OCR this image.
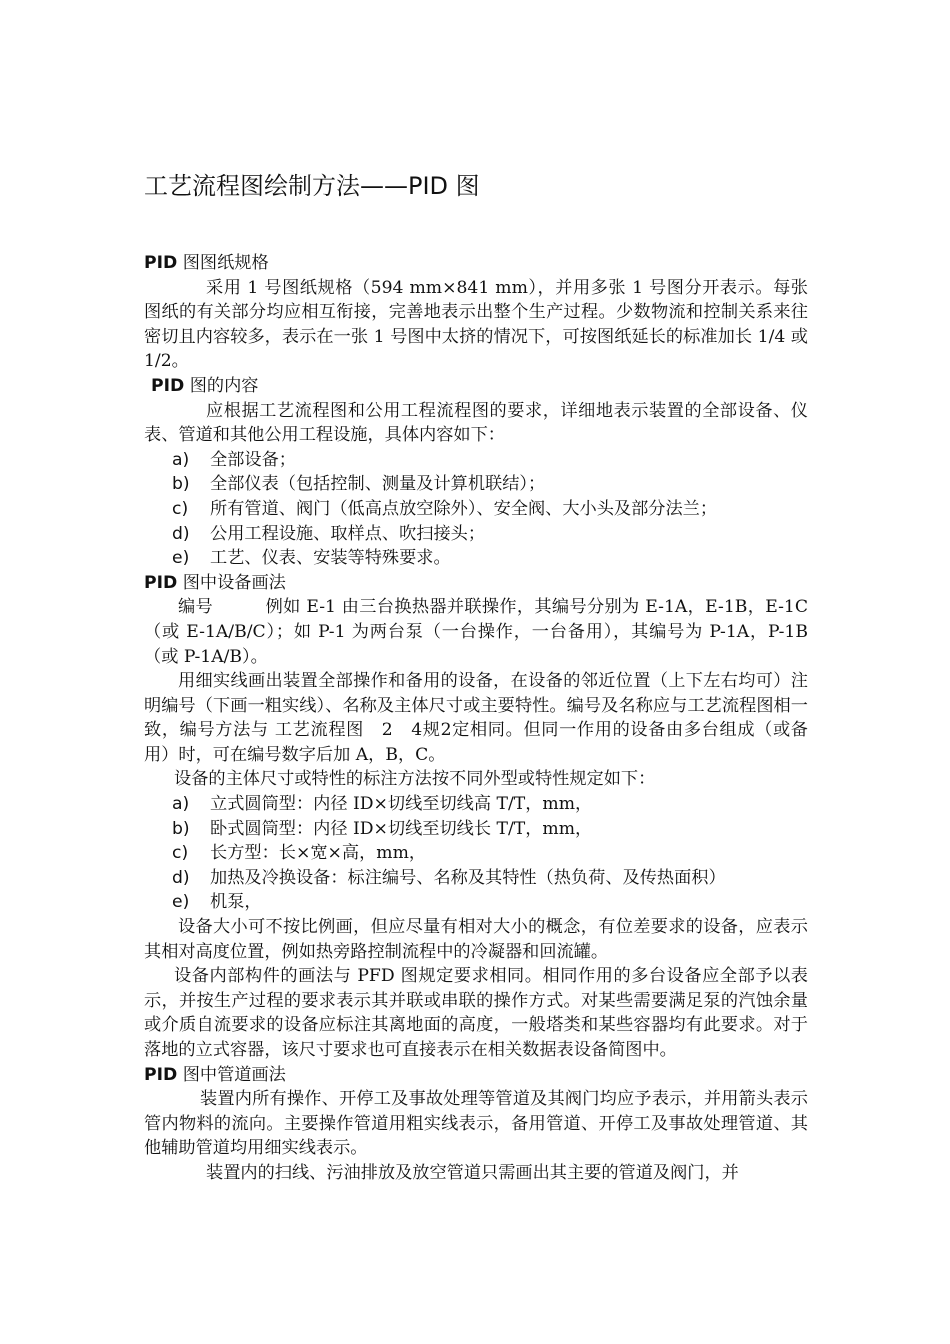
工艺流程图绘制方法——PID 图

PID 图图纸规格

采用 1 号图纸规格（594 mm×841 mm），并用多张 1 号图分开表示。每张图纸的有关部分均应相互衔接，完善地表示出整个生产过程。少数物流和控制关系来往密切且内容较多，表示在一张 1 号图中太挤的情况下，可按图纸延长的标准加长 1/4 或 1/2。

PID 图的内容

应根据工艺流程图和公用工程流程图的要求，详细地表示装置的全部设备、仪表、管道和其他公用工程设施，具体内容如下：

a) 全部设备；

b) 全部仪表（包括控制、测量及计算机联结）；

c) 所有管道、阀门（低高点放空除外）、安全阀、大小头及部分法兰；

d) 公用工程设施、取样点、吹扫接头；

e) 工艺、仪表、安装等特殊要求。

PID 图中设备画法

编号　　　例如 E-1 由三台换热器并联操作，其编号分别为 E-1A，E-1B，E-1C（或 E-1A/B/C）；如 P-1 为两台泵（一台操作，一台备用），其编号为 P-1A，P-1B（或 P-1A/B）。

用细实线画出装置全部操作和备用的设备，在设备的邻近位置（上下左右均可）注明编号（下画一粗实线）、名称及主体尺寸或主要特性。编号及名称应与工艺流程图相一致，编号方法与 工艺流程图　2　4规2定相同。但同一作用的设备由多台组成（或备用）时，可在编号数字后加 A，B，C。

设备的主体尺寸或特性的标注方法按不同外型或特性规定如下：

a) 立式圆筒型：内径 ID×切线至切线高 T/T，mm，

b) 卧式圆筒型：内径 ID×切线至切线长 T/T，mm，

c) 长方型：长×宽×高，mm，

d) 加热及冷换设备：标注编号、名称及其特性（热负荷、及传热面积）

e) 机泵，

设备大小可不按比例画，但应尽量有相对大小的概念，有位差要求的设备，应表示其相对高度位置，例如热旁路控制流程中的冷凝器和回流罐。

设备内部构件的画法与 PFD 图规定要求相同。相同作用的多台设备应全部予以表示，并按生产过程的要求表示其并联或串联的操作方式。对某些需要满足泵的汽蚀余量或介质自流要求的设备应标注其离地面的高度，一般塔类和某些容器均有此要求。对于落地的立式容器，该尺寸要求也可直接表示在相关数据表设备简图中。

PID 图中管道画法

装置内所有操作、开停工及事故处理等管道及其阀门均应予表示，并用箭头表示管内物料的流向。主要操作管道用粗实线表示，备用管道、开停工及事故处理管道、其他辅助管道均用细实线表示。

装置内的扫线、污油排放及放空管道只需画出其主要的管道及阀门，并
